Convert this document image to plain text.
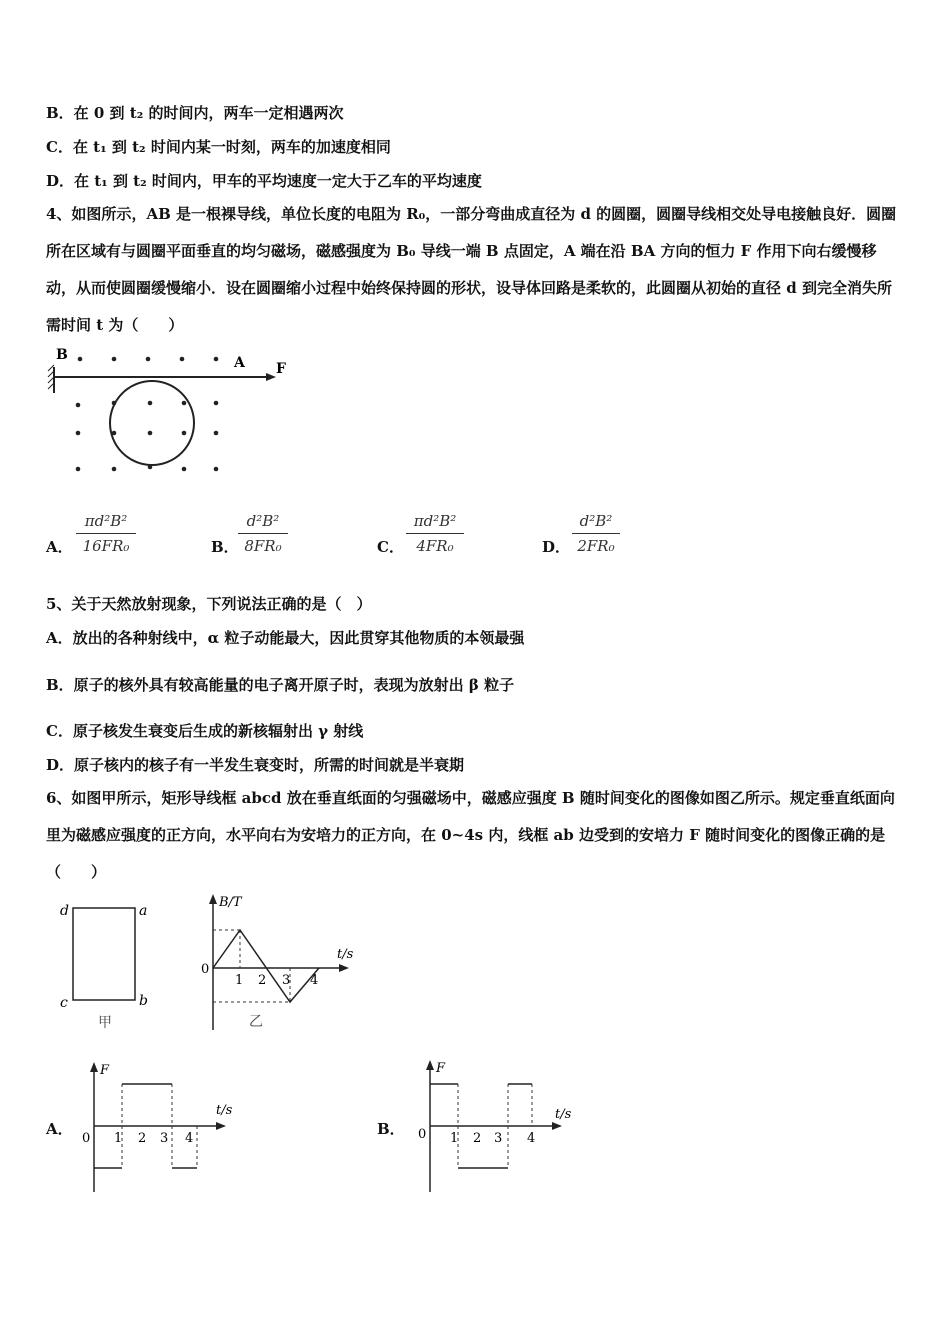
B．在 0 到 t₂ 的时间内，两车一定相遇两次
C．在 t₁ 到 t₂ 时间内某一时刻，两车的加速度相同
D．在 t₁ 到 t₂ 时间内，甲车的平均速度一定大于乙车的平均速度
4、如图所示，AB 是一根裸导线，单位长度的电阻为 R₀，一部分弯曲成直径为 d 的圆圈，圆圈导线相交处导电接触良好．圆圈所在区域有与圆圈平面垂直的均匀磁场，磁感强度为 B₀ 导线一端 B 点固定，A 端在沿 BA 方向的恒力 F 作用下向右缓慢移动，从而使圆圈缓慢缩小．设在圆圈缩小过程中始终保持圆的形状，设导体回路是柔软的，此圆圈从初始的直径 d 到完全消失所需时间 t 为（　　）
B	A F
A．
πd²B²
16FR₀	B．
d²B²
8FR₀	C．
πd²B²
4FR₀	D．
d²B²
2FR₀
5、关于天然放射现象，下列说法正确的是（　）
A．放出的各种射线中，α 粒子动能最大，因此贯穿其他物质的本领最强
B．原子的核外具有较高能量的电子离开原子时，表现为放射出 β 粒子
C．原子核发生衰变后生成的新核辐射出 γ 射线
D．原子核内的核子有一半发生衰变时，所需的时间就是半衰期
6、如图甲所示，矩形导线框 abcd 放在垂直纸面的匀强磁场中，磁感应强度 B 随时间变化的图像如图乙所示。规定垂直纸面向里为磁感应强度的正方向，水平向右为安培力的正方向，在 0~4s 内，线框 ab 边受到的安培力 F 随时间变化的图像正确的是（　　）
d	a
c	b
甲
B/T
t/s
0
1 2 3 4
乙
A．
F
t/s
0 1 2 3 4
B．
F
t/s
0 1 2 3 4
